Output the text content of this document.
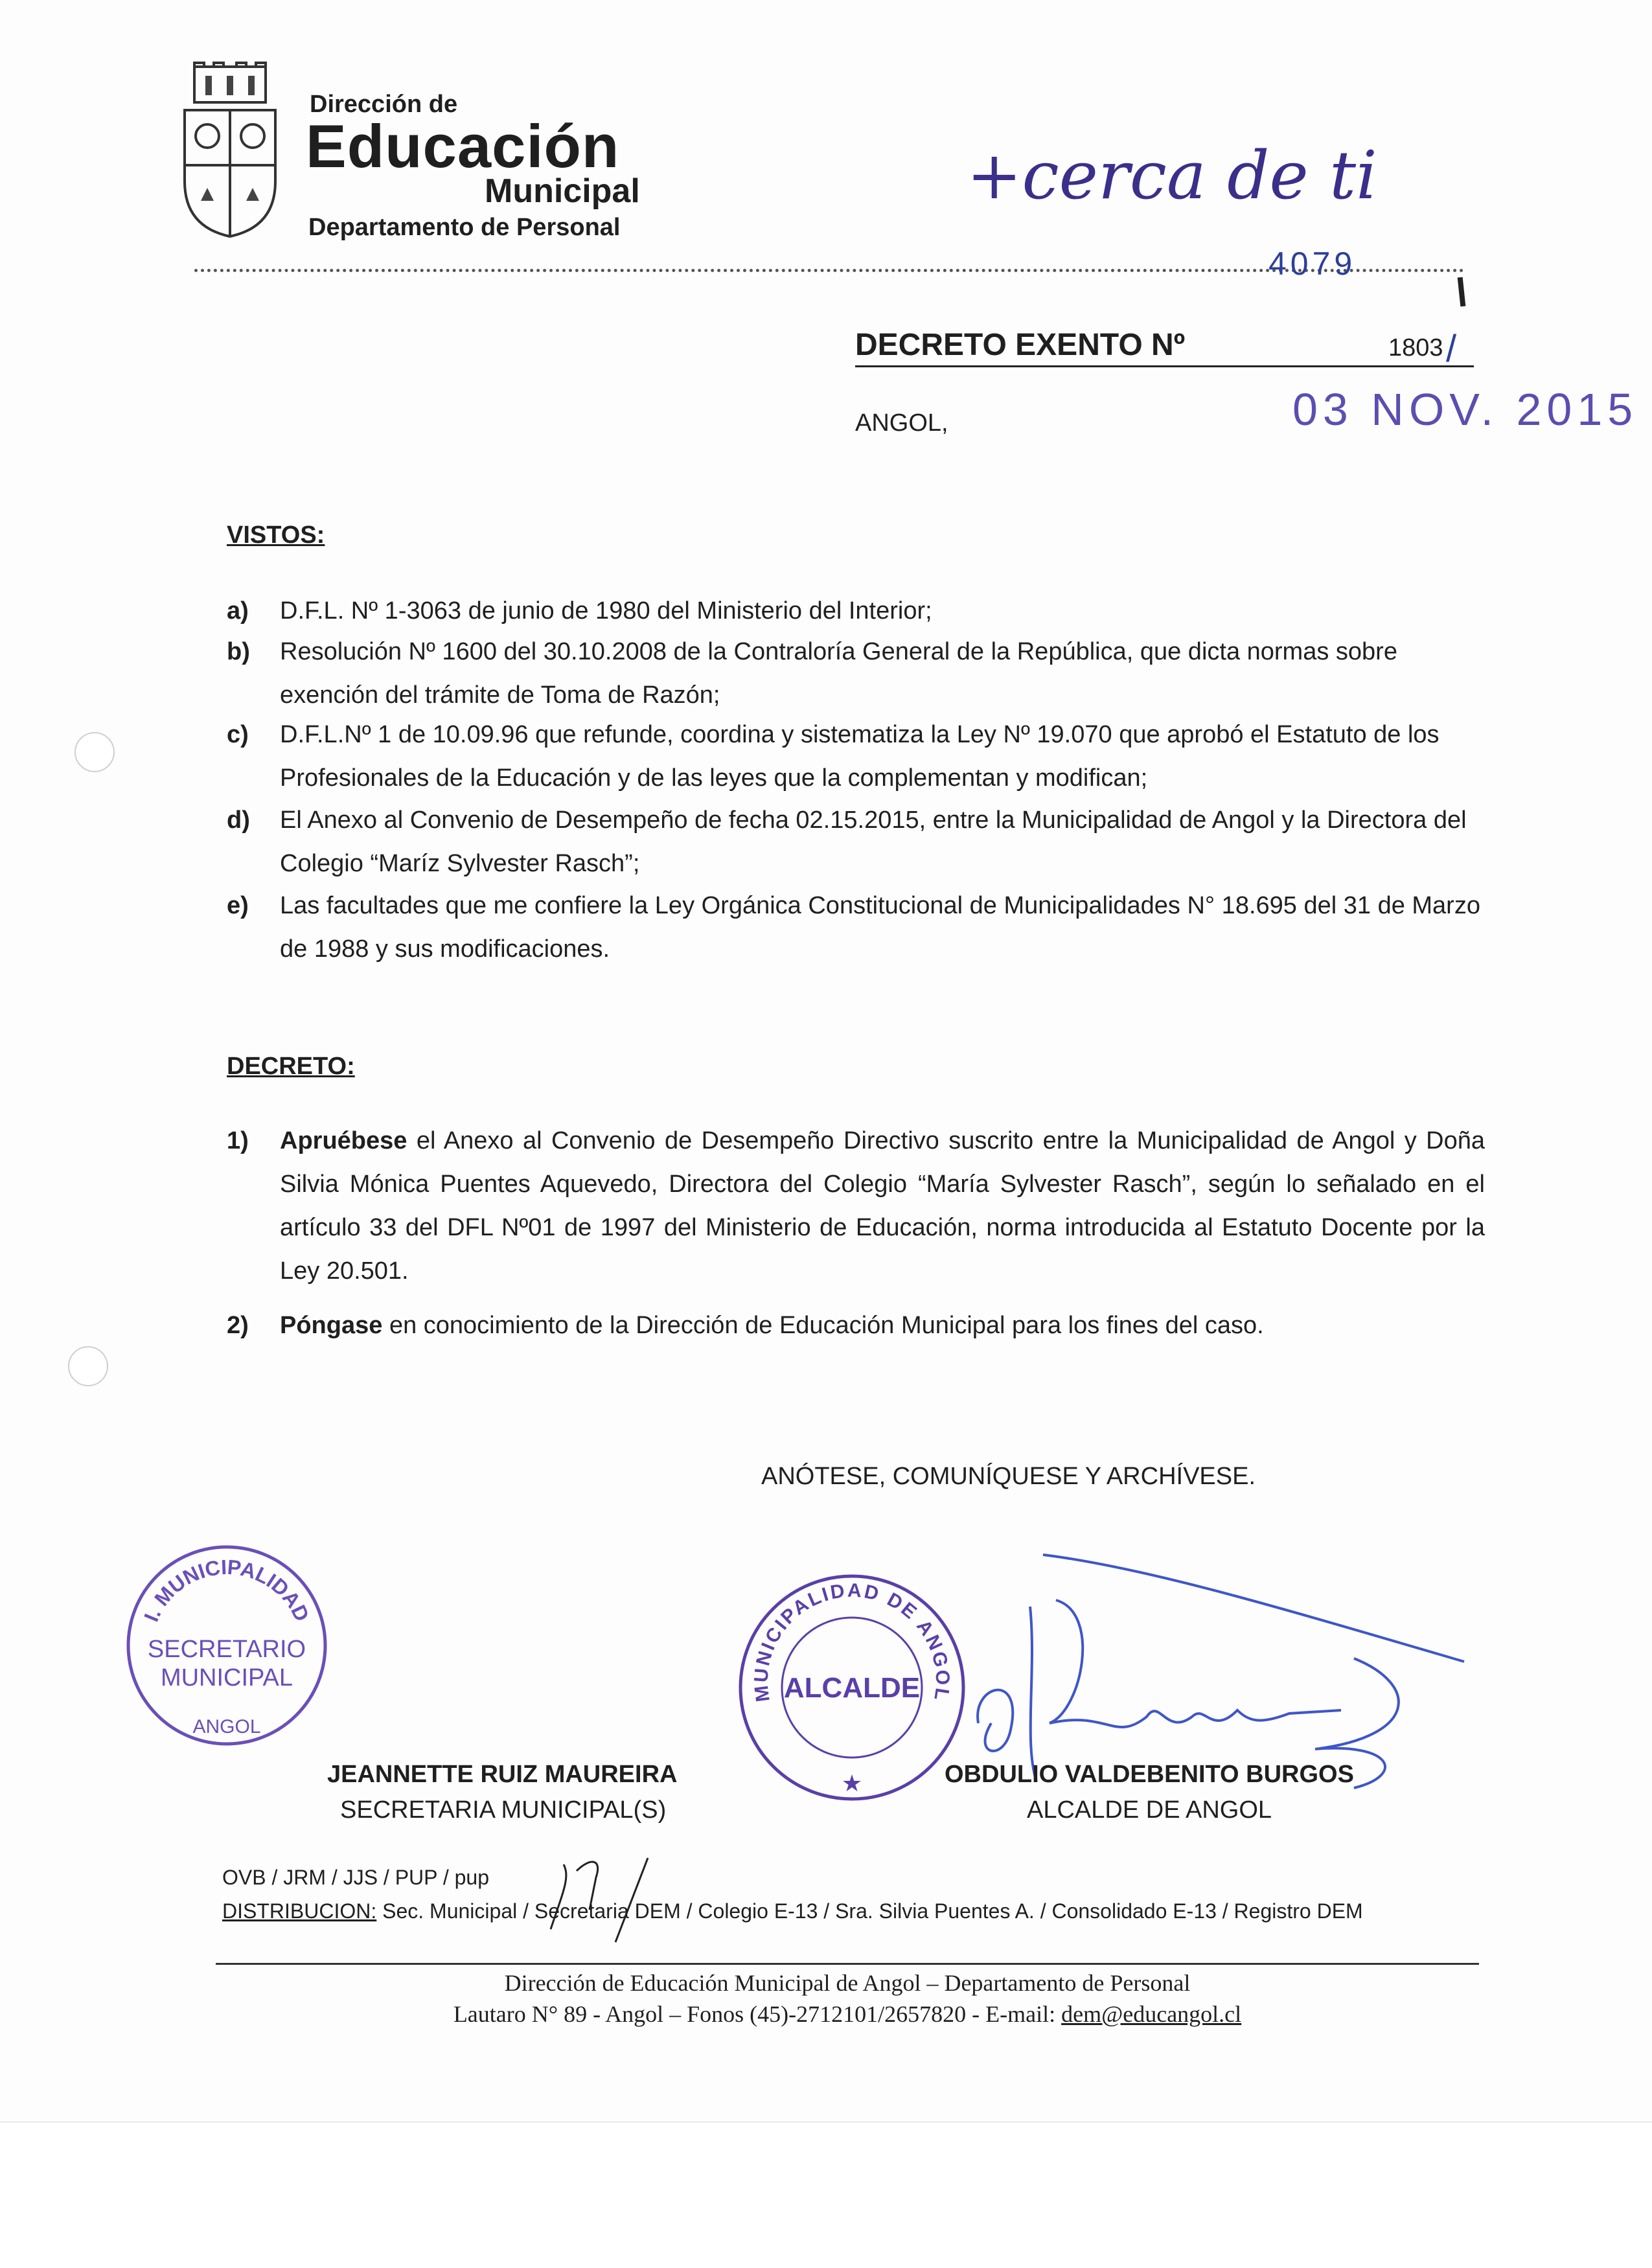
Dirección de
Educación
Municipal
Departamento de Personal
+cerca de ti
4079
DECRETO EXENTO Nº	1803 /
ANGOL,	03 NOV. 2015
VISTOS:
a) D.F.L. Nº 1-3063 de junio de 1980 del Ministerio del Interior;
b) Resolución Nº 1600 del 30.10.2008 de la Contraloría General de la República, que dicta normas sobre exención del trámite de Toma de Razón;
c) D.F.L.Nº 1 de 10.09.96 que refunde, coordina y sistematiza la Ley Nº 19.070 que aprobó el Estatuto de los Profesionales de la Educación y de las leyes que la complementan y modifican;
d) El Anexo al Convenio de Desempeño de fecha 02.15.2015, entre la Municipalidad de Angol y la Directora del Colegio “Maríz Sylvester Rasch”;
e) Las facultades que me confiere la Ley Orgánica Constitucional de Municipalidades N° 18.695 del 31 de Marzo de 1988 y sus modificaciones.
DECRETO:
1) Apruébese el Anexo al Convenio de Desempeño Directivo suscrito entre la Municipalidad de Angol y Doña Silvia Mónica Puentes Aquevedo, Directora del Colegio “María Sylvester Rasch”, según lo señalado en el artículo 33 del DFL Nº01 de 1997 del Ministerio de Educación, norma introducida al Estatuto Docente por la Ley 20.501.
2) Póngase en conocimiento de la Dirección de Educación Municipal para los fines del caso.
ANÓTESE, COMUNÍQUESE Y ARCHÍVESE.
I. MUNICIPALIDAD
SECRETARIO
MUNICIPAL
ANGOL
MUNICIPALIDAD DE ANGOL
ALCALDE
★
JEANNETTE RUIZ MAUREIRA
SECRETARIA MUNICIPAL(S)
OBDULIO VALDEBENITO BURGOS
ALCALDE DE ANGOL
OVB / JRM / JJS / PUP / pup
DISTRIBUCION: Sec. Municipal / Secretaria DEM / Colegio E-13 / Sra. Silvia Puentes A. / Consolidado E-13 / Registro DEM
Dirección de Educación Municipal de Angol – Departamento de Personal
Lautaro N° 89 - Angol – Fonos (45)-2712101/2657820 - E-mail: dem@educangol.cl
